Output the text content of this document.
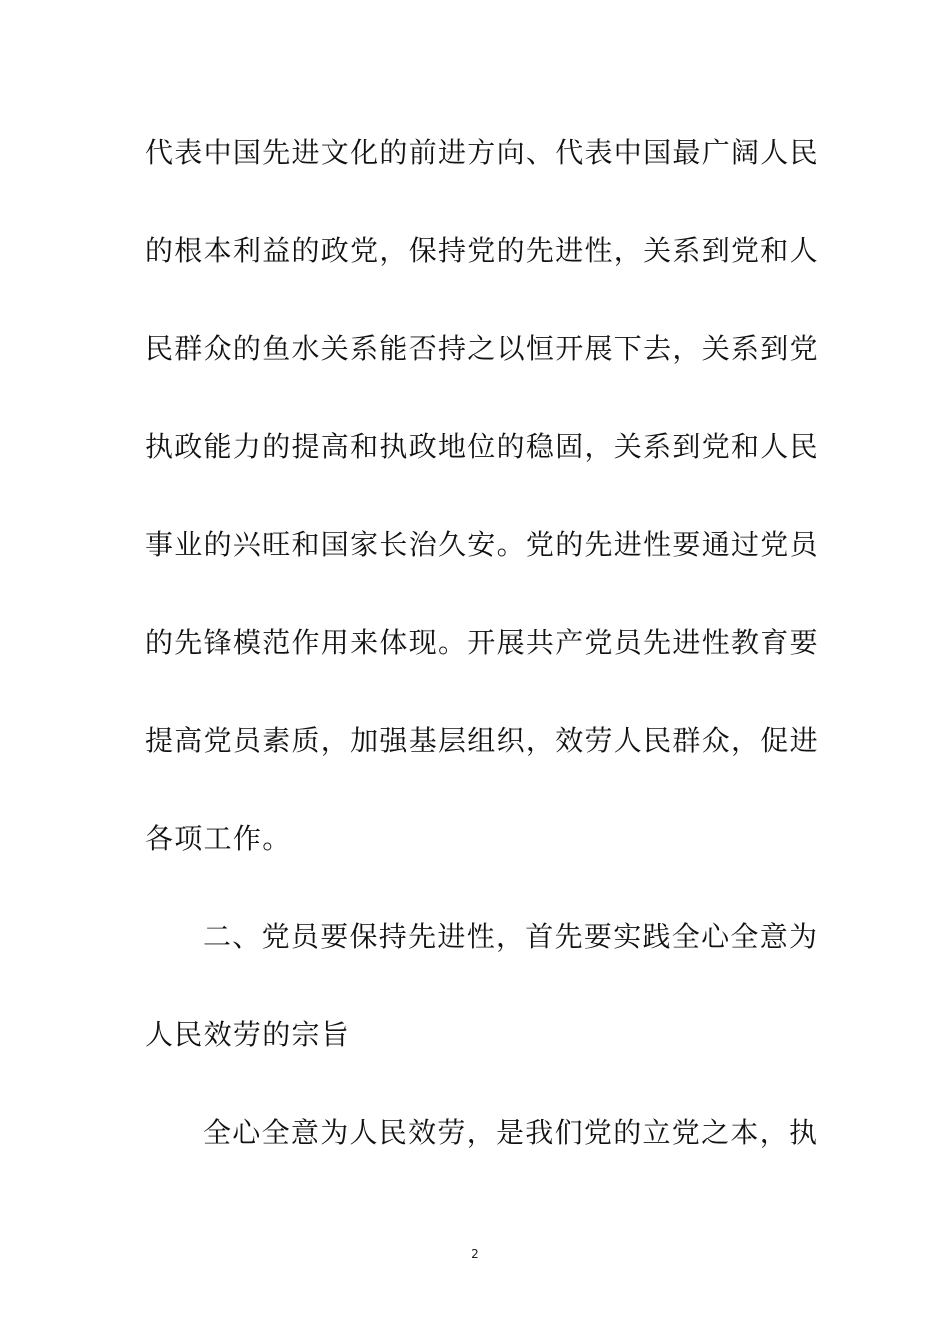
代表中国先进文化的前进方向、代表中国最广阔人民
的根本利益的政党，保持党的先进性，关系到党和人
民群众的鱼水关系能否持之以恒开展下去，关系到党
执政能力的提高和执政地位的稳固，关系到党和人民
事业的兴旺和国家长治久安。党的先进性要通过党员
的先锋模范作用来体现。开展共产党员先进性教育要
提高党员素质，加强基层组织，效劳人民群众，促进
各项工作。
二、党员要保持先进性，首先要实践全心全意为
人民效劳的宗旨
全心全意为人民效劳，是我们党的立党之本，执
2
